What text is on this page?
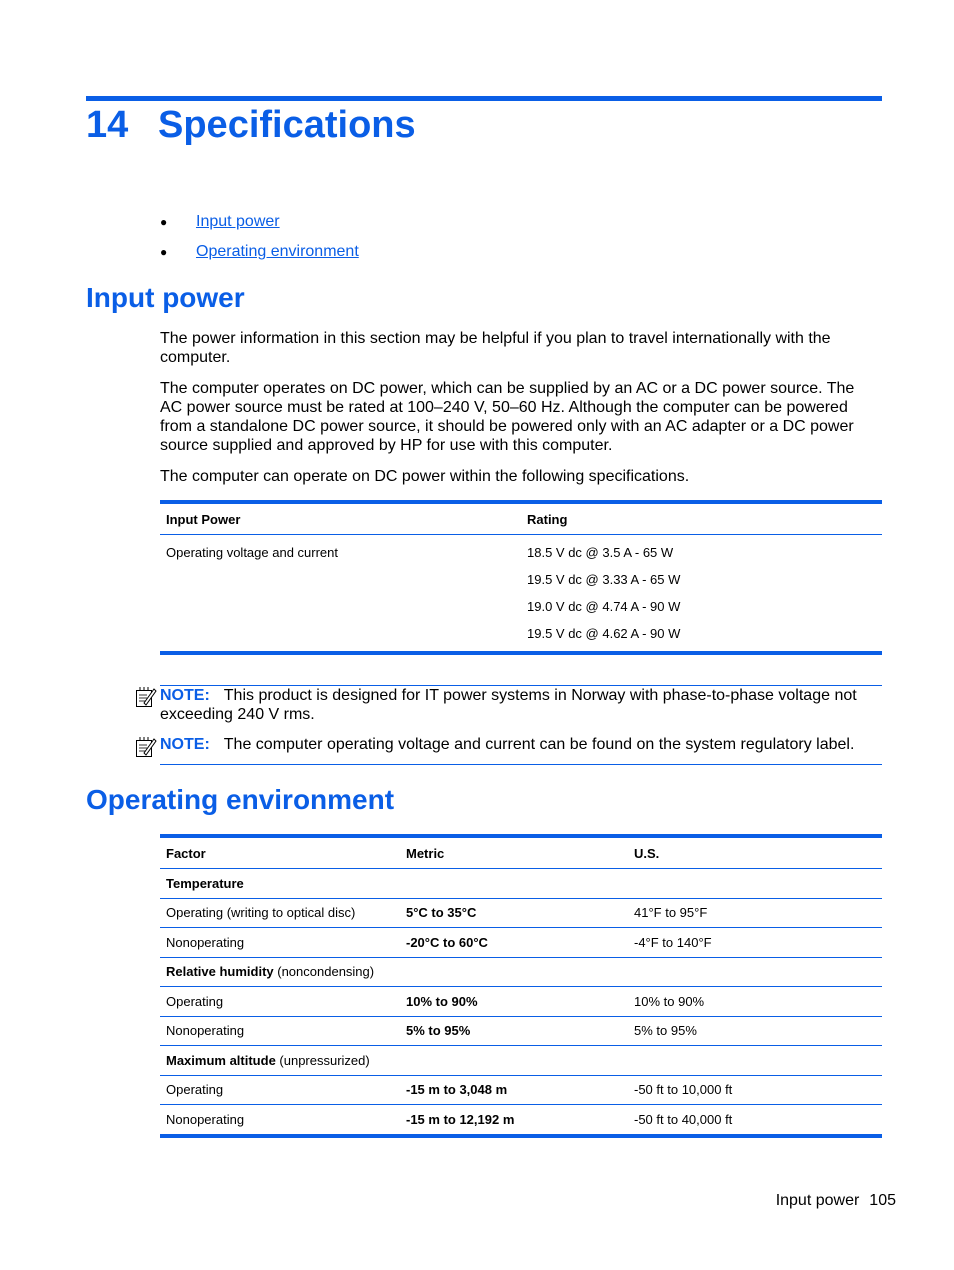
14 Specifications
● Input power
● Operating environment
Input power
The power information in this section may be helpful if you plan to travel internationally with the computer.
The computer operates on DC power, which can be supplied by an AC or a DC power source. The AC power source must be rated at 100–240 V, 50–60 Hz. Although the computer can be powered from a standalone DC power source, it should be powered only with an AC adapter or a DC power source supplied and approved by HP for use with this computer.
The computer can operate on DC power within the following specifications.
Input Power	Rating
Operating voltage and current	18.5 V dc @ 3.5 A - 65 W
	19.5 V dc @ 3.33 A - 65 W
	19.0 V dc @ 4.74 A - 90 W
	19.5 V dc @ 4.62 A - 90 W
NOTE: This product is designed for IT power systems in Norway with phase-to-phase voltage not exceeding 240 V rms.
NOTE: The computer operating voltage and current can be found on the system regulatory label.
Operating environment
Factor	Metric	U.S.
Temperature		
Operating (writing to optical disc)	5°C to 35°C	41°F to 95°F
Nonoperating	-20°C to 60°C	-4°F to 140°F
Relative humidity (noncondensing)		
Operating	10% to 90%	10% to 90%
Nonoperating	5% to 95%	5% to 95%
Maximum altitude (unpressurized)		
Operating	-15 m to 3,048 m	-50 ft to 10,000 ft
Nonoperating	-15 m to 12,192 m	-50 ft to 40,000 ft
Input power 105
